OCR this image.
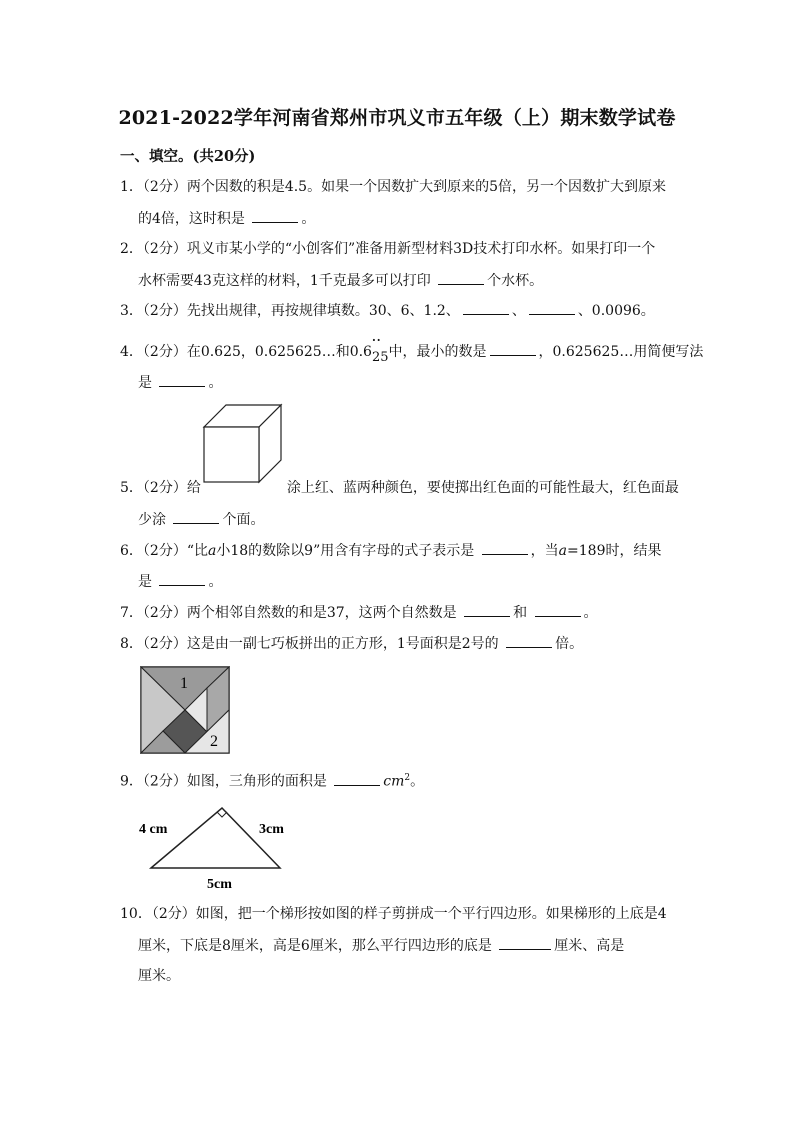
2021-2022学年河南省郑州市巩义市五年级（上）期末数学试卷
一、填空。(共20分)
1．（2分）两个因数的积是4.5。如果一个因数扩大到原来的5倍，另一个因数扩大到原来
的4倍，这时积是	。
2．（2分）巩义市某小学的“小创客们”准备用新型材料3D技术打印水杯。如果打印一个
水杯需要43克这样的材料，1千克最多可以打印	个水杯。
3．（2分）先找出规律，再按规律填数。30、6、1.2、	、	、0.0096。
4．（2分）在0.625，0.625625…和0.6
··
25中，最小的数是	，0.625625…用简便写法
是	。
5．（2分）给	涂上红、蓝两种颜色，要使掷出红色面的可能性最大，红色面最
少涂	个面。
6．（2分）“比a小18的数除以9”用含有字母的式子表示是	，当a=189时，结果
是	。
7．（2分）两个相邻自然数的和是37，这两个自然数是	和	。
8．（2分）这是由一副七巧板拼出的正方形，1号面积是2号的	倍。
1
2
9．（2分）如图，三角形的面积是	$cm^2$。
4 cm	3cm
5cm
10．（2分）如图，把一个梯形按如图的样子剪拼成一个平行四边形。如果梯形的上底是4
厘米，下底是8厘米，高是6厘米，那么平行四边形的底是	厘米、高是
厘米。
